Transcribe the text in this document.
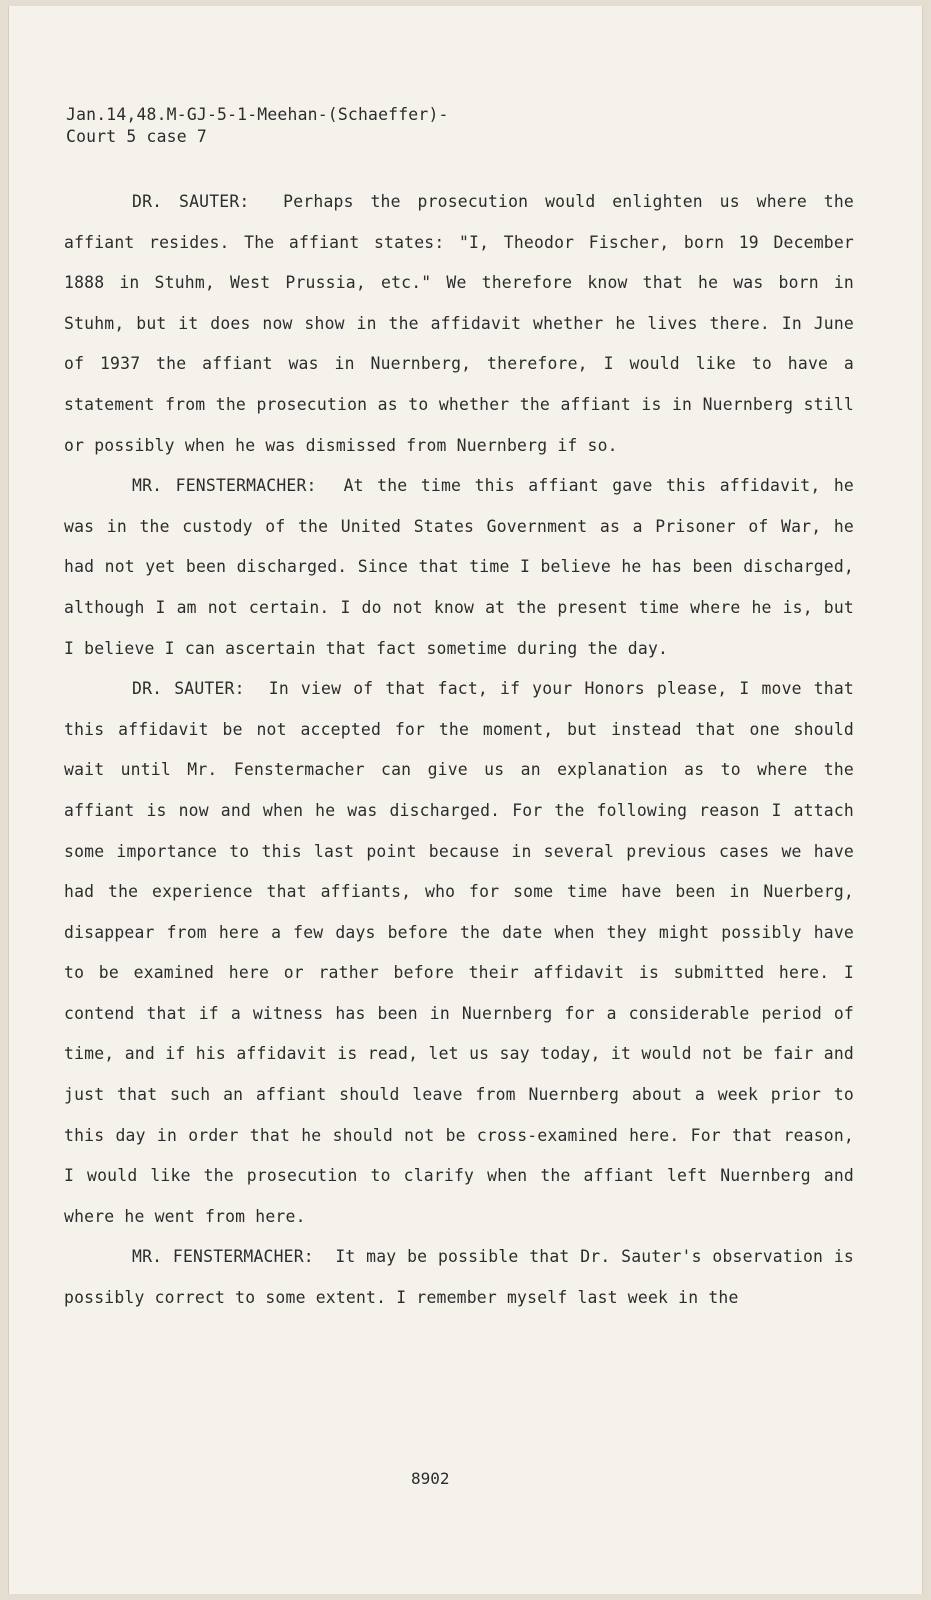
Jan.14,48.M-GJ-5-1-Meehan-(Schaeffer)-
Court 5 case 7

DR. SAUTER: Perhaps the prosecution would enlighten us where the affiant resides. The affiant states: "I, Theodor Fischer, born 19 December 1888 in Stuhm, West Prussia, etc." We therefore know that he was born in Stuhm, but it does now show in the affidavit whether he lives there. In June of 1937 the affiant was in Nuernberg, therefore, I would like to have a statement from the prosecution as to whether the affiant is in Nuernberg still or possibly when he was dismissed from Nuernberg if so.

MR. FENSTERMACHER: At the time this affiant gave this affidavit, he was in the custody of the United States Government as a Prisoner of War, he had not yet been discharged. Since that time I believe he has been discharged, although I am not certain. I do not know at the present time where he is, but I believe I can ascertain that fact sometime during the day.

DR. SAUTER: In view of that fact, if your Honors please, I move that this affidavit be not accepted for the moment, but instead that one should wait until Mr. Fenstermacher can give us an explanation as to where the affiant is now and when he was discharged. For the following reason I attach some importance to this last point because in several previous cases we have had the experience that affiants, who for some time have been in Nuerberg, disappear from here a few days before the date when they might possibly have to be examined here or rather before their affidavit is submitted here. I contend that if a witness has been in Nuernberg for a considerable period of time, and if his affidavit is read, let us say today, it would not be fair and just that such an affiant should leave from Nuernberg about a week prior to this day in order that he should not be cross-examined here. For that reason, I would like the prosecution to clarify when the affiant left Nuernberg and where he went from here.

MR. FENSTERMACHER: It may be possible that Dr. Sauter's observation is possibly correct to some extent. I remember myself last week in the

8902
